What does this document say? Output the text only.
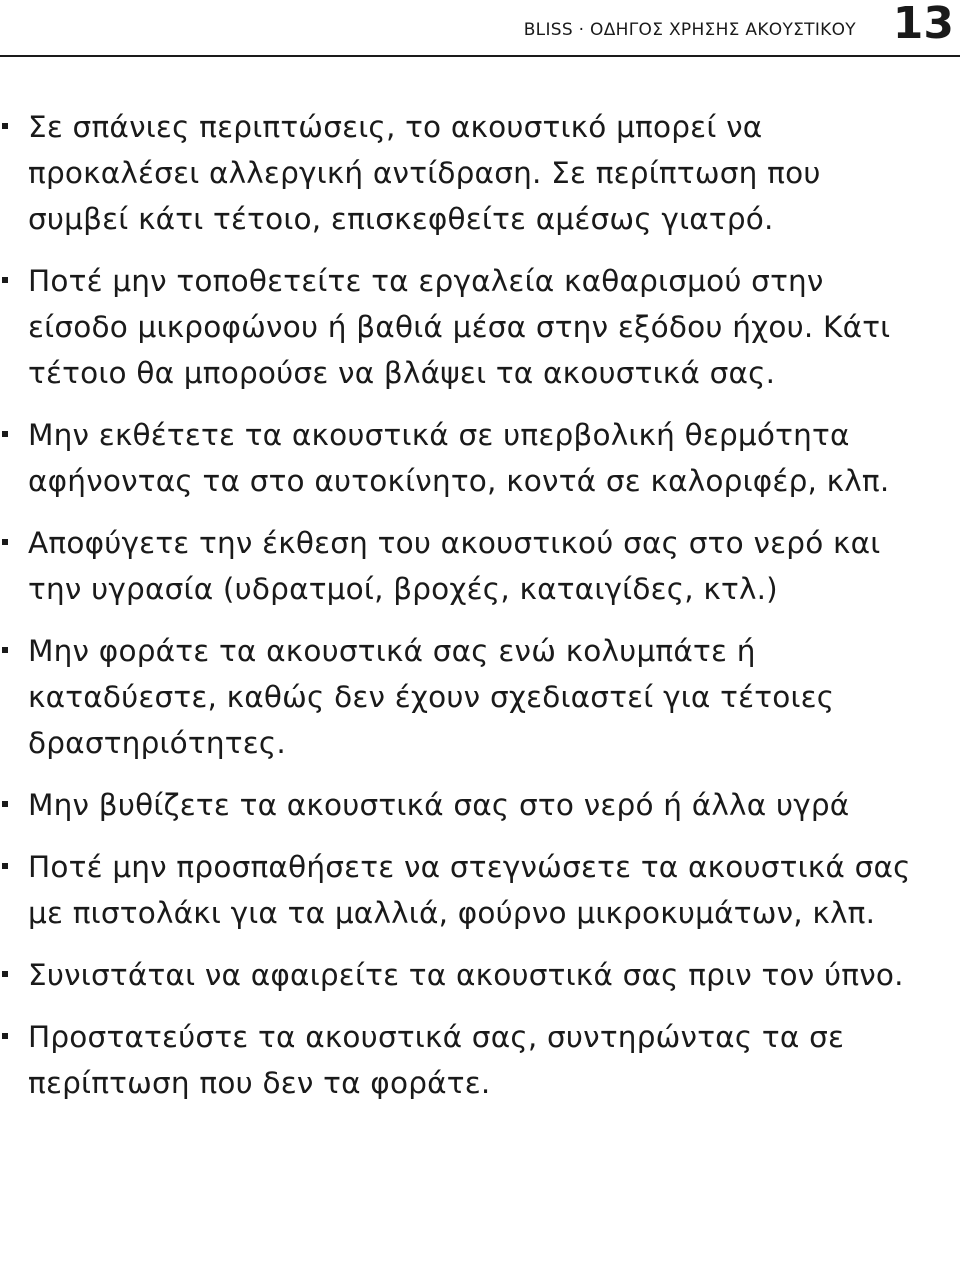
BLISS · ΟΔΗΓΟΣ ΧΡΗΣΗΣ ΑΚΟΥΣΤΙΚΟΥ 13
Σε σπάνιες περιπτώσεις, το ακουστικό μπορεί να προκαλέσει αλλεργική αντίδραση. Σε περίπτωση που συμβεί κάτι τέτοιο, επισκεφθείτε αμέσως γιατρό.
Ποτέ μην τοποθετείτε τα εργαλεία καθαρισμού στην είσοδο μικροφώνου ή βαθιά μέσα στην εξόδου ήχου. Κάτι τέτοιο θα μπορούσε να βλάψει τα ακουστικά σας.
Μην εκθέτετε τα ακουστικά σε υπερβολική θερμότητα αφήνοντας τα στο αυτοκίνητο, κοντά σε καλοριφέρ, κλπ.
Αποφύγετε την έκθεση του ακουστικού σας στο νερό και την υγρασία (υδρατμοί, βροχές, καταιγίδες, κτλ.)
Μην φοράτε τα ακουστικά σας ενώ κολυμπάτε ή καταδύεστε, καθώς δεν έχουν σχεδιαστεί για τέτοιες δραστηριότητες.
Μην βυθίζετε τα ακουστικά σας στο νερό ή άλλα υγρά
Ποτέ μην προσπαθήσετε να στεγνώσετε τα ακουστικά σας με πιστολάκι για τα μαλλιά, φούρνο μικροκυμάτων, κλπ.
Συνιστάται να αφαιρείτε τα ακουστικά σας πριν τον ύπνο.
Προστατεύστε τα ακουστικά σας, συντηρώντας τα σε περίπτωση που δεν τα φοράτε.
